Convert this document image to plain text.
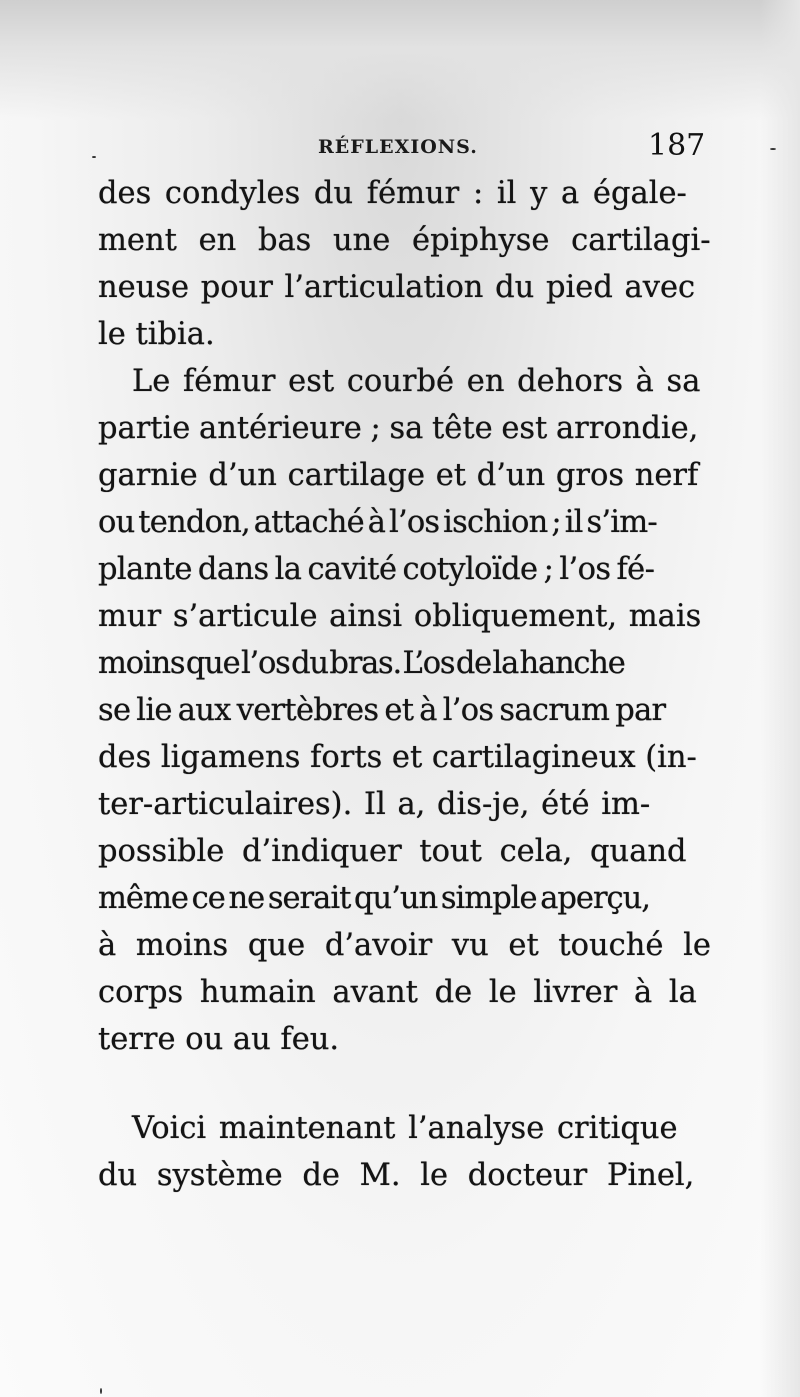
RÉFLEXIONS.	187
des condyles du fémur : il y a égale-
ment en bas une épiphyse cartilagi-
neuse pour l’articulation du pied avec
le tibia.
Le fémur est courbé en dehors à sa
partie antérieure ; sa tête est arrondie,
garnie d’un cartilage et d’un gros nerf
ou tendon, attaché à l’os ischion ; il s’im-
plante dans la cavité cotyloïde ; l’os fé-
mur s’articule ainsi obliquement, mais
moins que l’os du bras. L’os de la hanche
se lie aux vertèbres et à l’os sacrum par
des ligamens forts et cartilagineux (in-
ter-articulaires). Il a, dis-je, été im-
possible d’indiquer tout cela, quand
même ce ne serait qu’un simple aperçu,
à moins que d’avoir vu et touché le
corps humain avant de le livrer à la
terre ou au feu.
Voici maintenant l’analyse critique
du système de M. le docteur Pinel,
